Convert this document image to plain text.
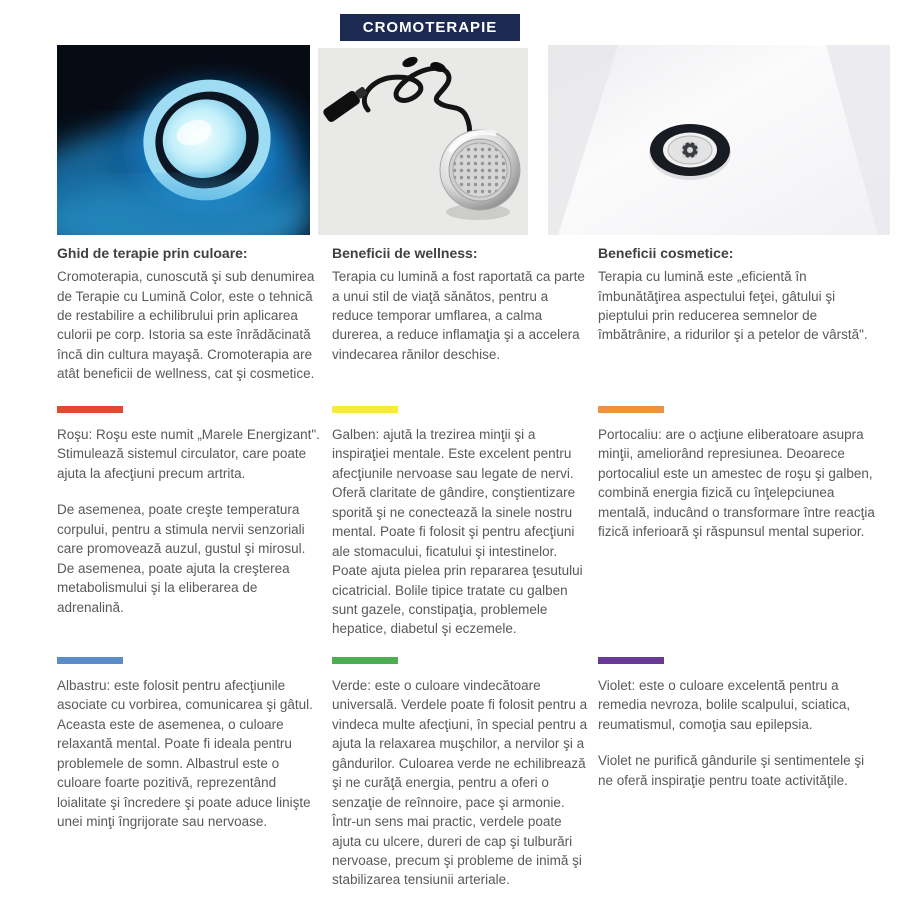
CROMOTERAPIE
Ghid de terapie prin culoare:

Cromoterapia, cunoscută şi sub denumirea de Terapie cu Lumină Color, este o tehnică de restabilire a echilibrului prin aplicarea culorii pe corp. Istoria sa este înrădăcinată încă din cultura mayaşă. Cromoterapia are atât beneficii de wellness, cat şi cosmetice.

Roşu: Roşu este numit „Marele Energizant". Stimulează sistemul circulator, care poate ajuta la afecţiuni precum artrita.

De asemenea, poate creşte temperatura corpului, pentru a stimula nervii senzoriali care promovează auzul, gustul şi mirosul. De asemenea, poate ajuta la creşterea metabolismului şi la eliberarea de adrenalină.

Albastru: este folosit pentru afecţiunile asociate cu vorbirea, comunicarea şi gâtul. Aceasta este de asemenea, o culoare relaxantă mental. Poate fi ideala pentru problemele de somn. Albastrul este o culoare foarte pozitivă, reprezentând loialitate şi încredere şi poate aduce linişte unei minţi îngrijorate sau nervoase.

Beneficii de wellness:

Terapia cu lumină a fost raportată ca parte a unui stil de viaţă sănătos, pentru a reduce temporar umflarea, a calma durerea, a reduce inflamaţia şi a accelera vindecarea rănilor deschise.

Galben: ajută la trezirea minţii şi a inspiraţiei mentale. Este excelent pentru afecţiunile nervoase sau legate de nervi. Oferă claritate de gândire, conştientizare sporită şi ne conectează la sinele nostru mental. Poate fi folosit şi pentru afecţiuni ale stomacului, ficatului şi intestinelor. Poate ajuta pielea prin repararea ţesutului cicatricial. Bolile tipice tratate cu galben sunt gazele, constipaţia, problemele hepatice, diabetul şi eczemele.

Verde: este o culoare vindecătoare universală. Verdele poate fi folosit pentru a vindeca multe afecţiuni, în special pentru a ajuta la relaxarea muşchilor, a nervilor şi a gândurilor. Culoarea verde ne echilibrează şi ne curăţă energia, pentru a oferi o senzaţie de reînnoire, pace şi armonie. Într-un sens mai practic, verdele poate ajuta cu ulcere, dureri de cap şi tulburări nervoase, precum şi probleme de inimă şi stabilizarea tensiunii arteriale.

Beneficii cosmetice:

Terapia cu lumină este „eficientă în îmbunătăţirea aspectului feţei, gâtului şi pieptului prin reducerea semnelor de îmbătrânire, a ridurilor şi a petelor de vârstă".

Portocaliu: are o acţiune eliberatoare asupra minţii, ameliorând represiunea. Deoarece portocaliul este un amestec de roşu şi galben, combină energia fizică cu înţelepciunea mentală, inducând o transformare între reacţia fizică inferioară şi răspunsul mental superior.

Violet: este o culoare excelentă pentru a remedia nevroza, bolile scalpului, sciatica, reumatismul, comoţia sau epilepsia.

Violet ne purifică gândurile şi sentimentele şi ne oferă inspiraţie pentru toate activităţile.
